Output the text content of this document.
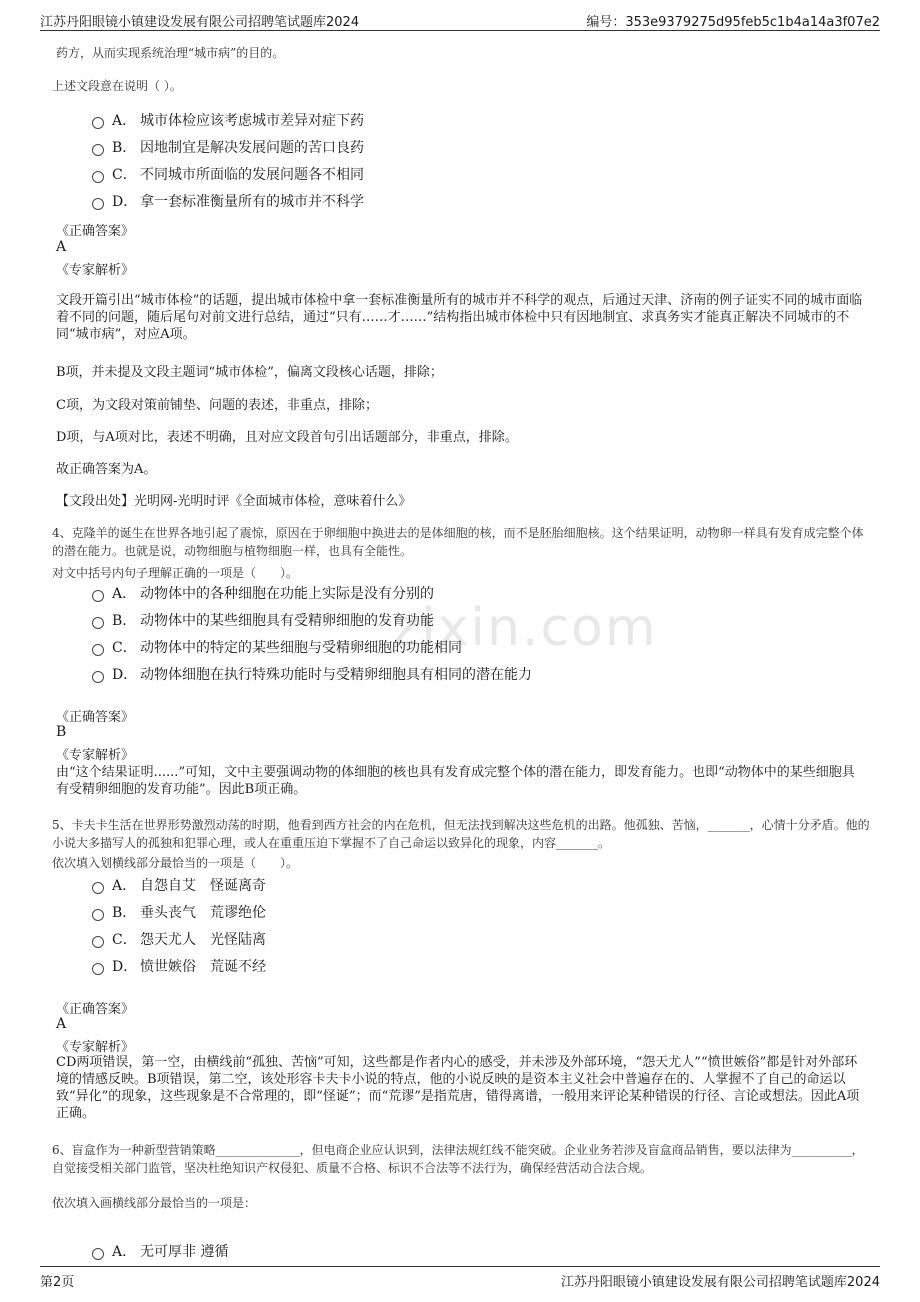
江苏丹阳眼镜小镇建设发展有限公司招聘笔试题库2024	编号：353e9379275d95feb5c1b4a14a3f07e2
zixin.com
药方，从而实现系统治理“城市病”的目的。
上述文段意在说明（ ）。
A． 城市体检应该考虑城市差异对症下药
B． 因地制宜是解决发展问题的苦口良药
C． 不同城市所面临的发展问题各不相同
D． 拿一套标准衡量所有的城市并不科学
《正确答案》
A
《专家解析》
文段开篇引出“城市体检”的话题，提出城市体检中拿一套标准衡量所有的城市并不科学的观点，后通过天津、济南的例子证实不同的城市面临着不同的问题，随后尾句对前文进行总结，通过“只有……才……”结构指出城市体检中只有因地制宜、求真务实才能真正解决不同城市的不同“城市病”，对应A项。
B项，并未提及文段主题词“城市体检”，偏离文段核心话题，排除；
C项，为文段对策前铺垫、问题的表述，非重点，排除；
D项，与A项对比，表述不明确，且对应文段首句引出话题部分，非重点，排除。
故正确答案为A。
【文段出处】光明网-光明时评《全面城市体检，意味着什么》
4、克隆羊的诞生在世界各地引起了震惊，原因在于卵细胞中换进去的是体细胞的核，而不是胚胎细胞核。这个结果证明，动物卵一样具有发育成完整个体的潜在能力。也就是说，动物细胞与植物细胞一样，也具有全能性。
对文中括号内句子理解正确的一项是（　　）。
A． 动物体中的各种细胞在功能上实际是没有分别的
B． 动物体中的某些细胞具有受精卵细胞的发育功能
C． 动物体中的特定的某些细胞与受精卵细胞的功能相同
D． 动物体细胞在执行特殊功能时与受精卵细胞具有相同的潜在能力
《正确答案》
B
《专家解析》
由“这个结果证明......”可知，文中主要强调动物的体细胞的核也具有发育成完整个体的潜在能力，即发育能力。也即“动物体中的某些细胞具有受精卵细胞的发育功能”。因此B项正确。
5、卡夫卡生活在世界形势激烈动荡的时期，他看到西方社会的内在危机，但无法找到解决这些危机的出路。他孤独、苦恼，_______，心情十分矛盾。他的小说大多描写人的孤独和犯罪心理，或人在重重压迫下掌握不了自己命运以致异化的现象，内容_______。
依次填入划横线部分最恰当的一项是（　　）。
A． 自怨自艾　怪诞离奇
B． 垂头丧气　荒谬绝伦
C． 怨天尤人　光怪陆离
D． 愤世嫉俗　荒诞不经
《正确答案》
A
《专家解析》
CD两项错误，第一空，由横线前“孤独、苦恼”可知，这些都是作者内心的感受，并未涉及外部环境，“怨天尤人”“愤世嫉俗”都是针对外部环境的情感反映。B项错误，第二空，该处形容卡夫卡小说的特点，他的小说反映的是资本主义社会中普遍存在的、人掌握不了自己的命运以致“异化”的现象，这些现象是不合常理的，即“怪诞”；而“荒谬”是指荒唐，错得离谱，一般用来评论某种错误的行径、言论或想法。因此A项正确。
6、盲盒作为一种新型营销策略______________，但电商企业应认识到，法律法规红线不能突破。企业业务若涉及盲盒商品销售，要以法律为__________，自觉接受相关部门监管，坚决杜绝知识产权侵犯、质量不合格、标识不合法等不法行为，确保经营活动合法合规。
依次填入画横线部分最恰当的一项是：
A． 无可厚非 遵循
第2页	江苏丹阳眼镜小镇建设发展有限公司招聘笔试题库2024
